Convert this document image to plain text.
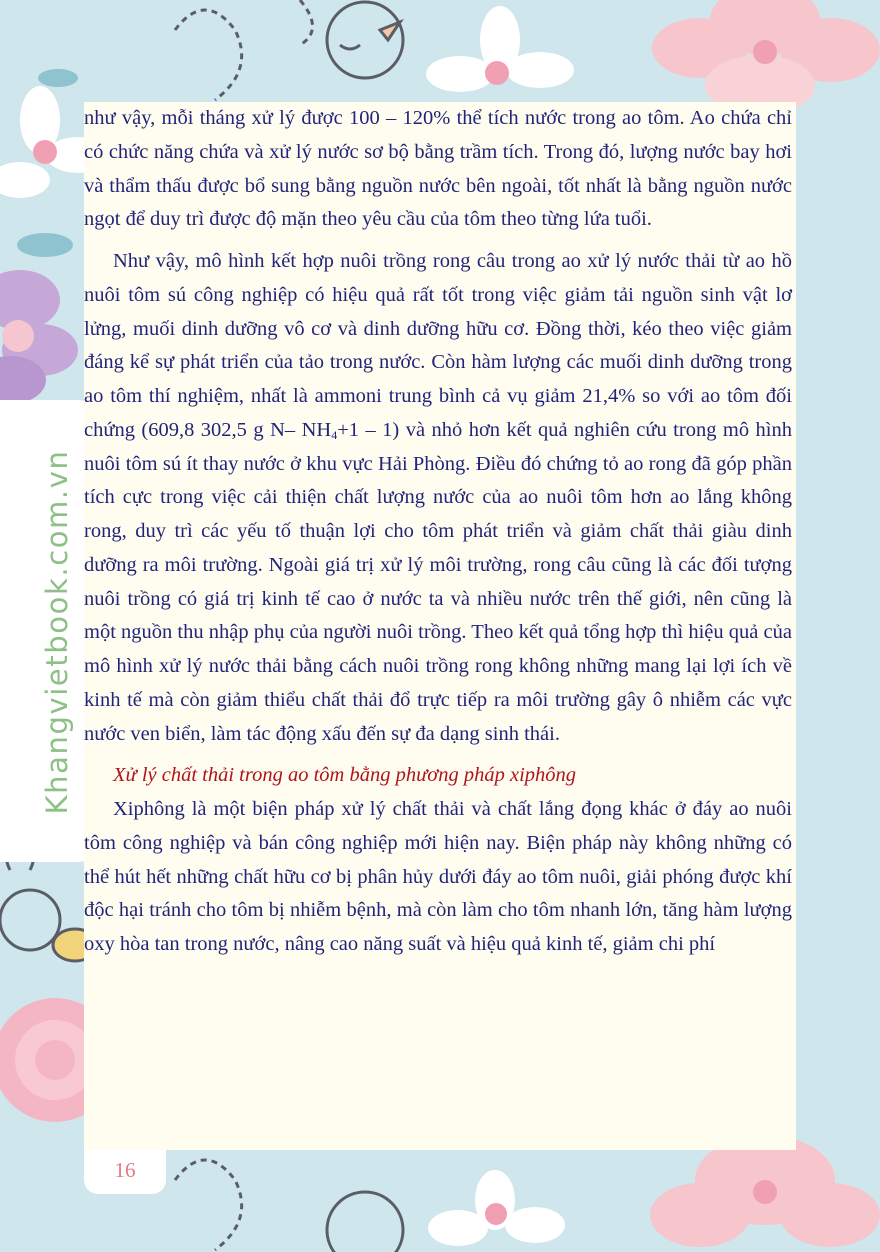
Khangvietbook.com.vn

như vậy, mỗi tháng xử lý được 100 – 120% thể tích nước trong ao tôm. Ao chứa chỉ có chức năng chứa và xử lý nước sơ bộ bằng trầm tích. Trong đó, lượng nước bay hơi và thẩm thấu được bổ sung bằng nguồn nước bên ngoài, tốt nhất là bằng nguồn nước ngọt để duy trì được độ mặn theo yêu cầu của tôm theo từng lứa tuổi.

Như vậy, mô hình kết hợp nuôi trồng rong câu trong ao xử lý nước thải từ ao hồ nuôi tôm sú công nghiệp có hiệu quả rất tốt trong việc giảm tải nguồn sinh vật lơ lửng, muối dinh dưỡng vô cơ và dinh dưỡng hữu cơ. Đồng thời, kéo theo việc giảm đáng kể sự phát triển của tảo trong nước. Còn hàm lượng các muối dinh dưỡng trong ao tôm thí nghiệm, nhất là ammoni trung bình cả vụ giảm 21,4% so với ao tôm đối chứng (609,8 302,5 g N– $NH_4+1 - 1$) và nhỏ hơn kết quả nghiên cứu trong mô hình nuôi tôm sú ít thay nước ở khu vực Hải Phòng. Điều đó chứng tỏ ao rong đã góp phần tích cực trong việc cải thiện chất lượng nước của ao nuôi tôm hơn ao lắng không rong, duy trì các yếu tố thuận lợi cho tôm phát triển và giảm chất thải giàu dinh dưỡng ra môi trường. Ngoài giá trị xử lý môi trường, rong câu cũng là các đối tượng nuôi trồng có giá trị kinh tế cao ở nước ta và nhiều nước trên thế giới, nên cũng là một nguồn thu nhập phụ của người nuôi trồng. Theo kết quả tổng hợp thì hiệu quả của mô hình xử lý nước thải bằng cách nuôi trồng rong không những mang lại lợi ích về kinh tế mà còn giảm thiểu chất thải đổ trực tiếp ra môi trường gây ô nhiễm các vực nước ven biển, làm tác động xấu đến sự đa dạng sinh thái.

Xử lý chất thải trong ao tôm bằng phương pháp xiphông

Xiphông là một biện pháp xử lý chất thải và chất lắng đọng khác ở đáy ao nuôi tôm công nghiệp và bán công nghiệp mới hiện nay. Biện pháp này không những có thể hút hết những chất hữu cơ bị phân hủy dưới đáy ao tôm nuôi, giải phóng được khí độc hại tránh cho tôm bị nhiễm bệnh, mà còn làm cho tôm nhanh lớn, tăng hàm lượng oxy hòa tan trong nước, nâng cao năng suất và hiệu quả kinh tế, giảm chi phí

16
